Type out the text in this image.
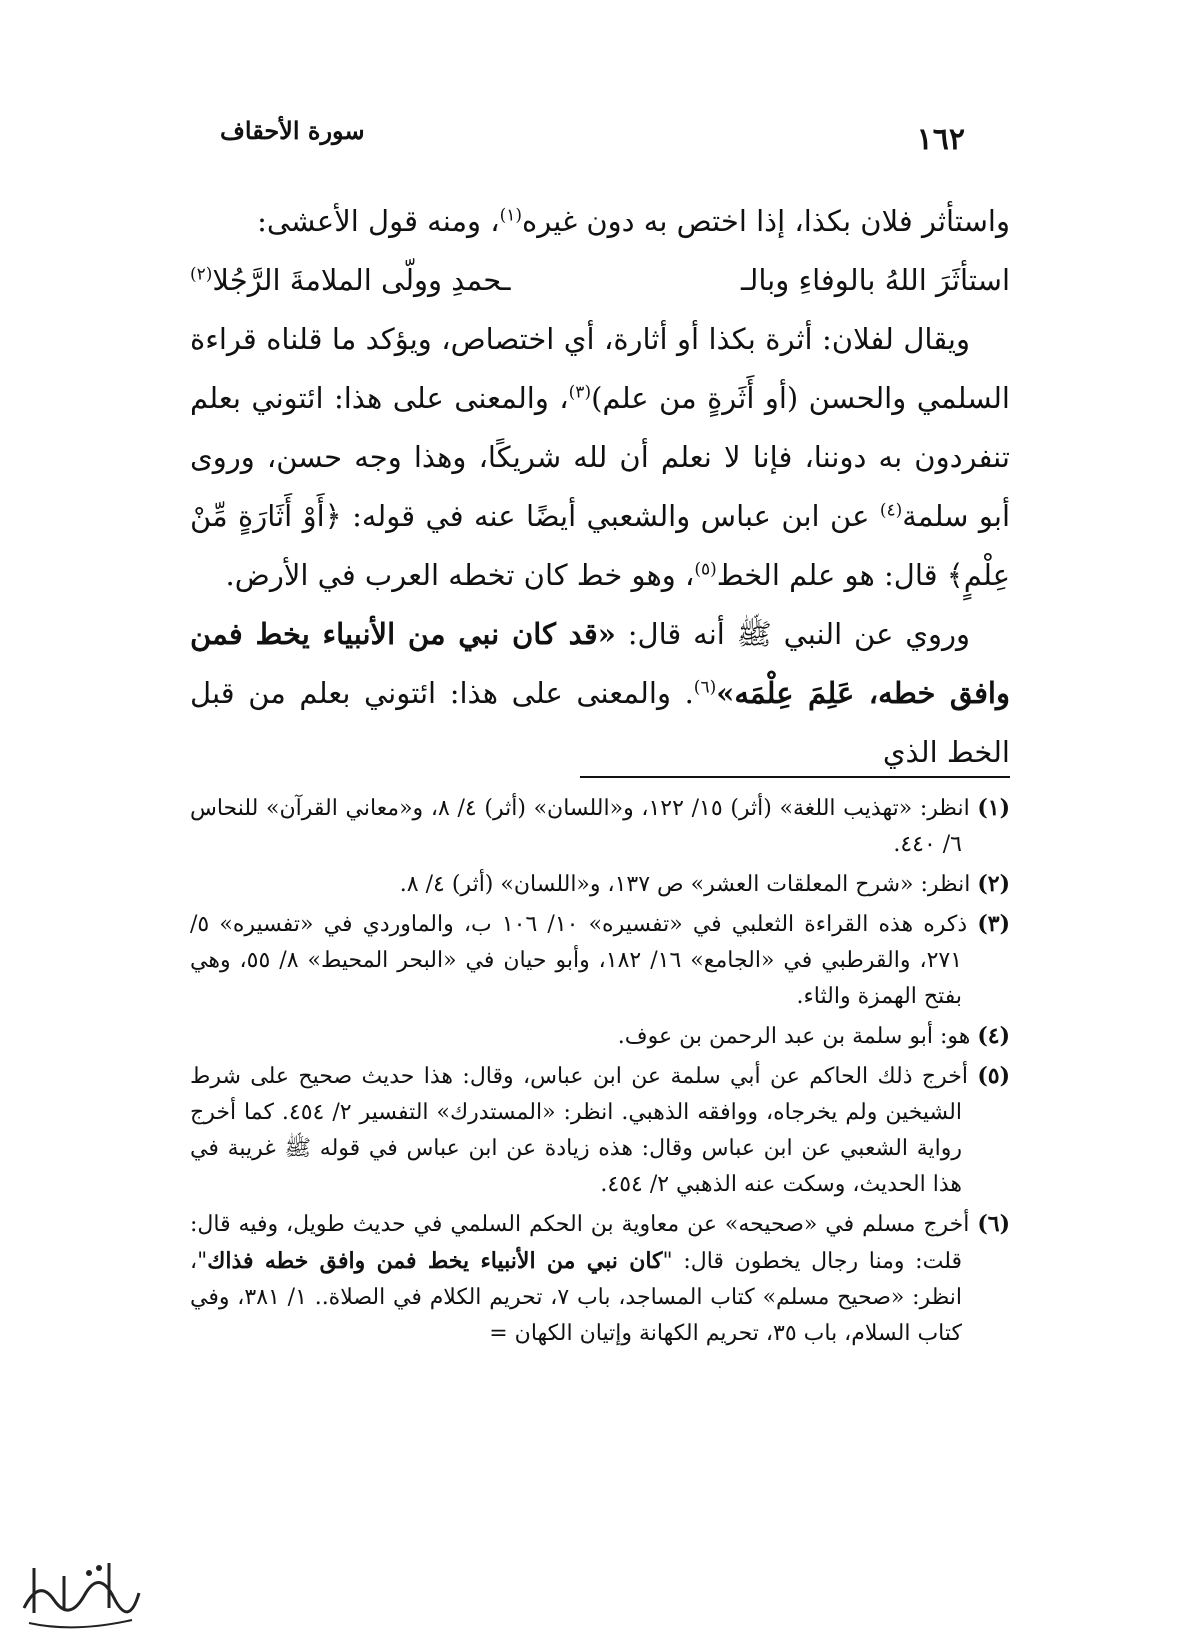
سورة الأحقاف	١٦٢

واستأثر فلان بكذا، إذا اختص به دون غيره$^{(١)}$، ومنه قول الأعشى:

استأثَرَ اللهُ بالوفاءِ وبالـ
ـحمدِ وولّى الملامةَ الرَّجُلا$^{(٢)}$

ويقال لفلان: أثرة بكذا أو أثارة، أي اختصاص، ويؤكد ما قلناه قراءة السلمي والحسن (أو أَثَرةٍ من علم)$^{(٣)}$، والمعنى على هذا: ائتوني بعلم تنفردون به دوننا، فإنا لا نعلم أن لله شريكًا، وهذا وجه حسن، وروى أبو سلمة$^{(٤)}$ عن ابن عباس والشعبي أيضًا عنه في قوله: ﴿أَوْ أَثَارَةٍ مِّنْ عِلْمٍ﴾ قال: هو علم الخط$^{(٥)}$، وهو خط كان تخطه العرب في الأرض.

وروي عن النبي ﷺ أنه قال: «قد كان نبي من الأنبياء يخط فمن وافق خطه، عَلِمَ عِلْمَه»$^{(٦)}$. والمعنى على هذا: ائتوني بعلم من قبل الخط الذي

(١) انظر: «تهذيب اللغة» (أثر) ١٥/ ١٢٢، و«اللسان» (أثر) ٤/ ٨، و«معاني القرآن» للنحاس ٦/ ٤٤٠.

(٢) انظر: «شرح المعلقات العشر» ص ١٣٧، و«اللسان» (أثر) ٤/ ٨.

(٣) ذكره هذه القراءة الثعلبي في «تفسيره» ١٠/ ١٠٦ ب، والماوردي في «تفسيره» ٥/ ٢٧١، والقرطبي في «الجامع» ١٦/ ١٨٢، وأبو حيان في «البحر المحيط» ٨/ ٥٥، وهي بفتح الهمزة والثاء.

(٤) هو: أبو سلمة بن عبد الرحمن بن عوف.

(٥) أخرج ذلك الحاكم عن أبي سلمة عن ابن عباس، وقال: هذا حديث صحيح على شرط الشيخين ولم يخرجاه، ووافقه الذهبي. انظر: «المستدرك» التفسير ٢/ ٤٥٤. كما أخرج رواية الشعبي عن ابن عباس وقال: هذه زيادة عن ابن عباس في قوله ﷺ غريبة في هذا الحديث، وسكت عنه الذهبي ٢/ ٤٥٤.

(٦) أخرج مسلم في «صحيحه» عن معاوية بن الحكم السلمي في حديث طويل، وفيه قال: قلت: ومنا رجال يخطون قال: "كان نبي من الأنبياء يخط فمن وافق خطه فذاك"، انظر: «صحيح مسلم» كتاب المساجد، باب ٧، تحريم الكلام في الصلاة.. ١/ ٣٨١، وفي كتاب السلام، باب ٣٥، تحريم الكهانة وإتيان الكهان =
